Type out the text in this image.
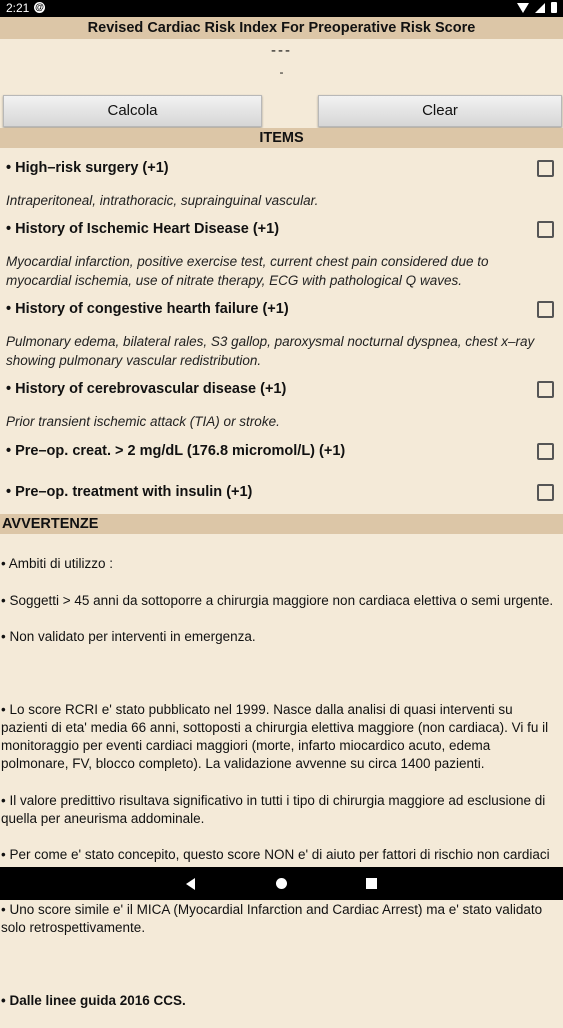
2:21 @
Revised Cardiac Risk Index For Preoperative Risk Score
---
-
Calcola	Clear
ITEMS
• High–risk surgery (+1)
Intraperitoneal, intrathoracic, suprainguinal vascular.
• History of Ischemic Heart Disease (+1)
Myocardial infarction, positive exercise test, current chest pain considered due to myocardial ischemia, use of nitrate therapy, ECG with pathological Q waves.
• History of congestive hearth failure (+1)
Pulmonary edema, bilateral rales, S3 gallop, paroxysmal nocturnal dyspnea, chest x–ray showing pulmonary vascular redistribution.
• History of cerebrovascular disease (+1)
Prior transient ischemic attack (TIA) or stroke.
• Pre–op. creat. > 2 mg/dL (176.8 micromol/L) (+1)
• Pre–op. treatment with insulin (+1)
AVVERTENZE

• Ambiti di utilizzo :

• Soggetti > 45 anni da sottoporre a chirurgia maggiore non cardiaca elettiva o semi urgente.

• Non validato per interventi in emergenza.

• Lo score RCRI e' stato pubblicato nel 1999. Nasce dalla analisi di quasi interventi su pazienti di eta' media 66 anni, sottoposti a chirurgia elettiva maggiore (non cardiaca). Vi fu il monitoraggio per eventi cardiaci maggiori (morte, infarto miocardico acuto, edema polmonare, FV, blocco completo). La validazione avvenne su circa 1400 pazienti.

• Il valore predittivo risultava significativo in tutti i tipo di chirurgia maggiore ad esclusione di quella per aneurisma addominale.

• Per come e' stato concepito, questo score NON e' di aiuto per fattori di rischio non cardiaci

• Uno score simile e' il MICA (Myocardial Infarction and Cardiac Arrest) ma e' stato validato solo retrospettivamente.

• Dalle linee guida 2016 CCS.
